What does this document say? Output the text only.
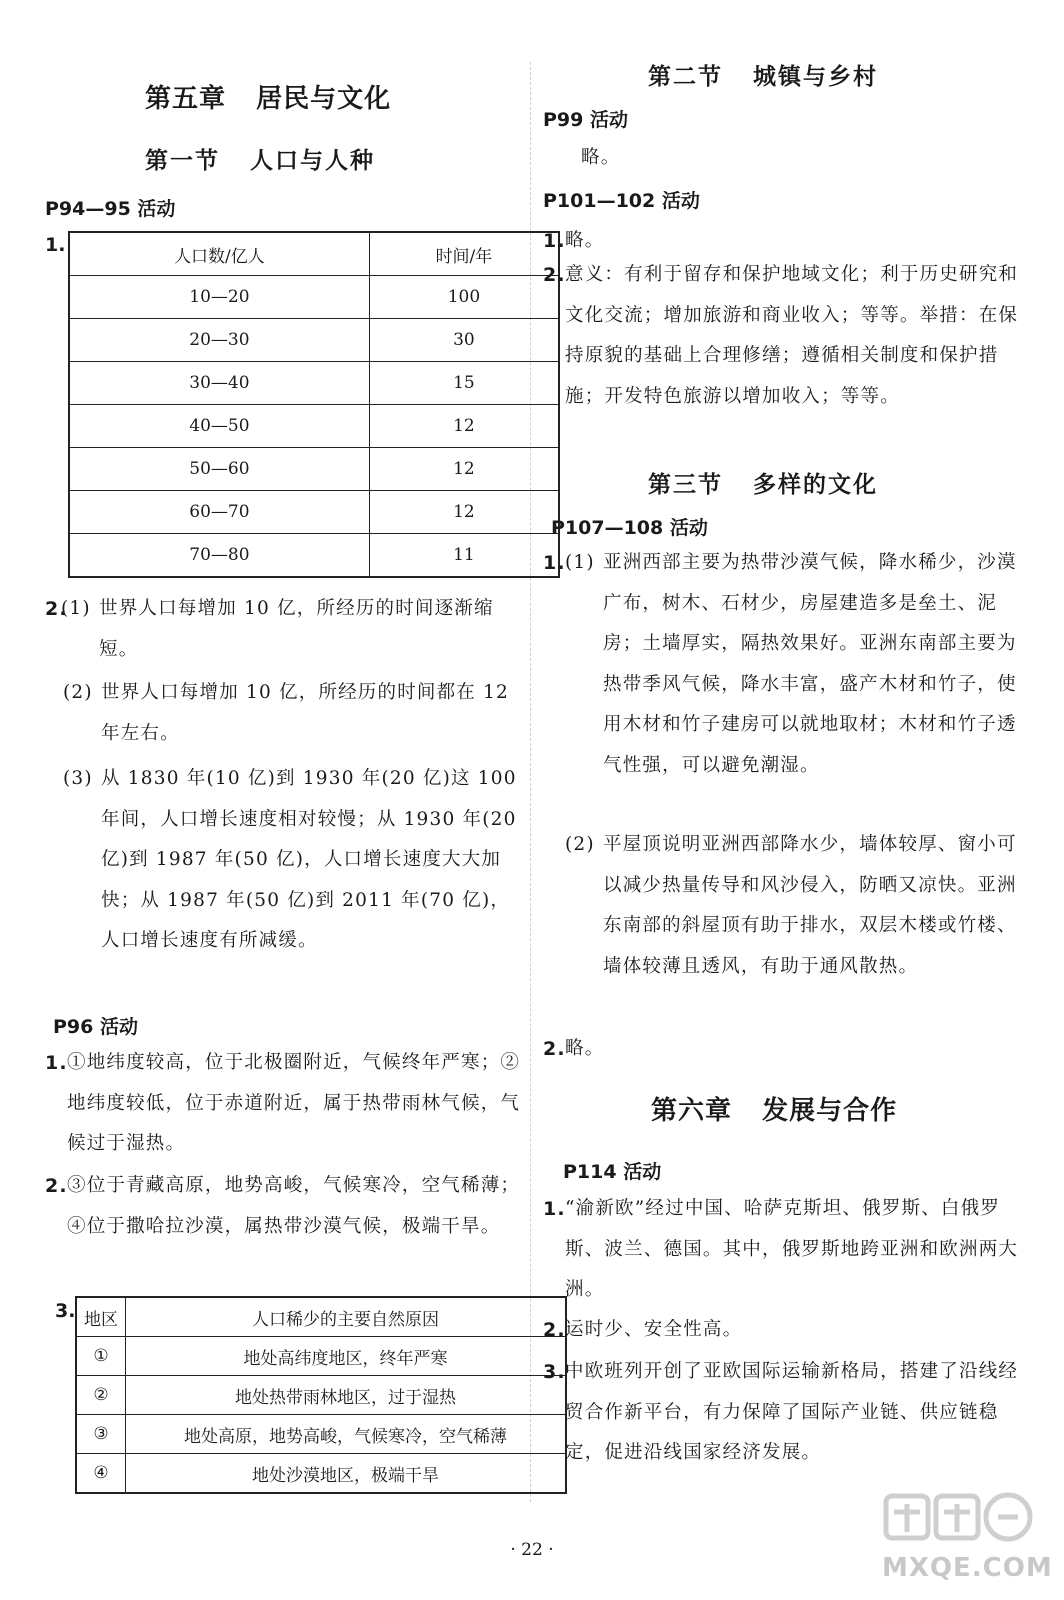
第五章   居民与文化
第一节   人口与人种
P94—95 活动
1.
人口数/亿人	时间/年
10—20	100
20—30	30
30—40	15
40—50	12
50—60	12
60—70	12
70—80	11
2.
(1) 世界人口每增加 10 亿，所经历的时间逐渐缩短。
(2) 世界人口每增加 10 亿，所经历的时间都在 12 年左右。
(3) 从 1830 年(10 亿)到 1930 年(20 亿)这 100 年间，人口增长速度相对较慢；从 1930 年(20 亿)到 1987 年(50 亿)，人口增长速度大大加快；从 1987 年(50 亿)到 2011 年(70 亿)，人口增长速度有所减缓。
P96 活动
1. ①地纬度较高，位于北极圈附近，气候终年严寒；②地纬度较低，位于赤道附近，属于热带雨林气候，气候过于湿热。
2. ③位于青藏高原，地势高峻，气候寒冷，空气稀薄；④位于撒哈拉沙漠，属热带沙漠气候，极端干旱。
3. 地区	人口稀少的主要自然原因
①	地处高纬度地区，终年严寒
②	地处热带雨林地区，过于湿热
③	地处高原，地势高峻，气候寒冷，空气稀薄
④	地处沙漠地区，极端干旱
第二节   城镇与乡村
P99 活动
略。
P101—102 活动
1. 略。
2. 意义：有利于留存和保护地域文化；利于历史研究和文化交流；增加旅游和商业收入；等等。举措：在保持原貌的基础上合理修缮；遵循相关制度和保护措施；开发特色旅游以增加收入；等等。
第三节   多样的文化
P107—108 活动
1. (1) 亚洲西部主要为热带沙漠气候，降水稀少，沙漠广布，树木、石材少，房屋建造多是垒土、泥房；土墙厚实，隔热效果好。亚洲东南部主要为热带季风气候，降水丰富，盛产木材和竹子，使用木材和竹子建房可以就地取材；木材和竹子透气性强，可以避免潮湿。
(2) 平屋顶说明亚洲西部降水少，墙体较厚、窗小可以减少热量传导和风沙侵入，防晒又凉快。亚洲东南部的斜屋顶有助于排水，双层木楼或竹楼、墙体较薄且透风，有助于通风散热。
2. 略。
第六章   发展与合作
P114 活动
1. “渝新欧”经过中国、哈萨克斯坦、俄罗斯、白俄罗斯、波兰、德国。其中，俄罗斯地跨亚洲和欧洲两大洲。
2. 运时少、安全性高。
3. 中欧班列开创了亚欧国际运输新格局，搭建了沿线经贸合作新平台，有力保障了国际产业链、供应链稳定，促进沿线国家经济发展。
· 22 ·
MXQE.COM
